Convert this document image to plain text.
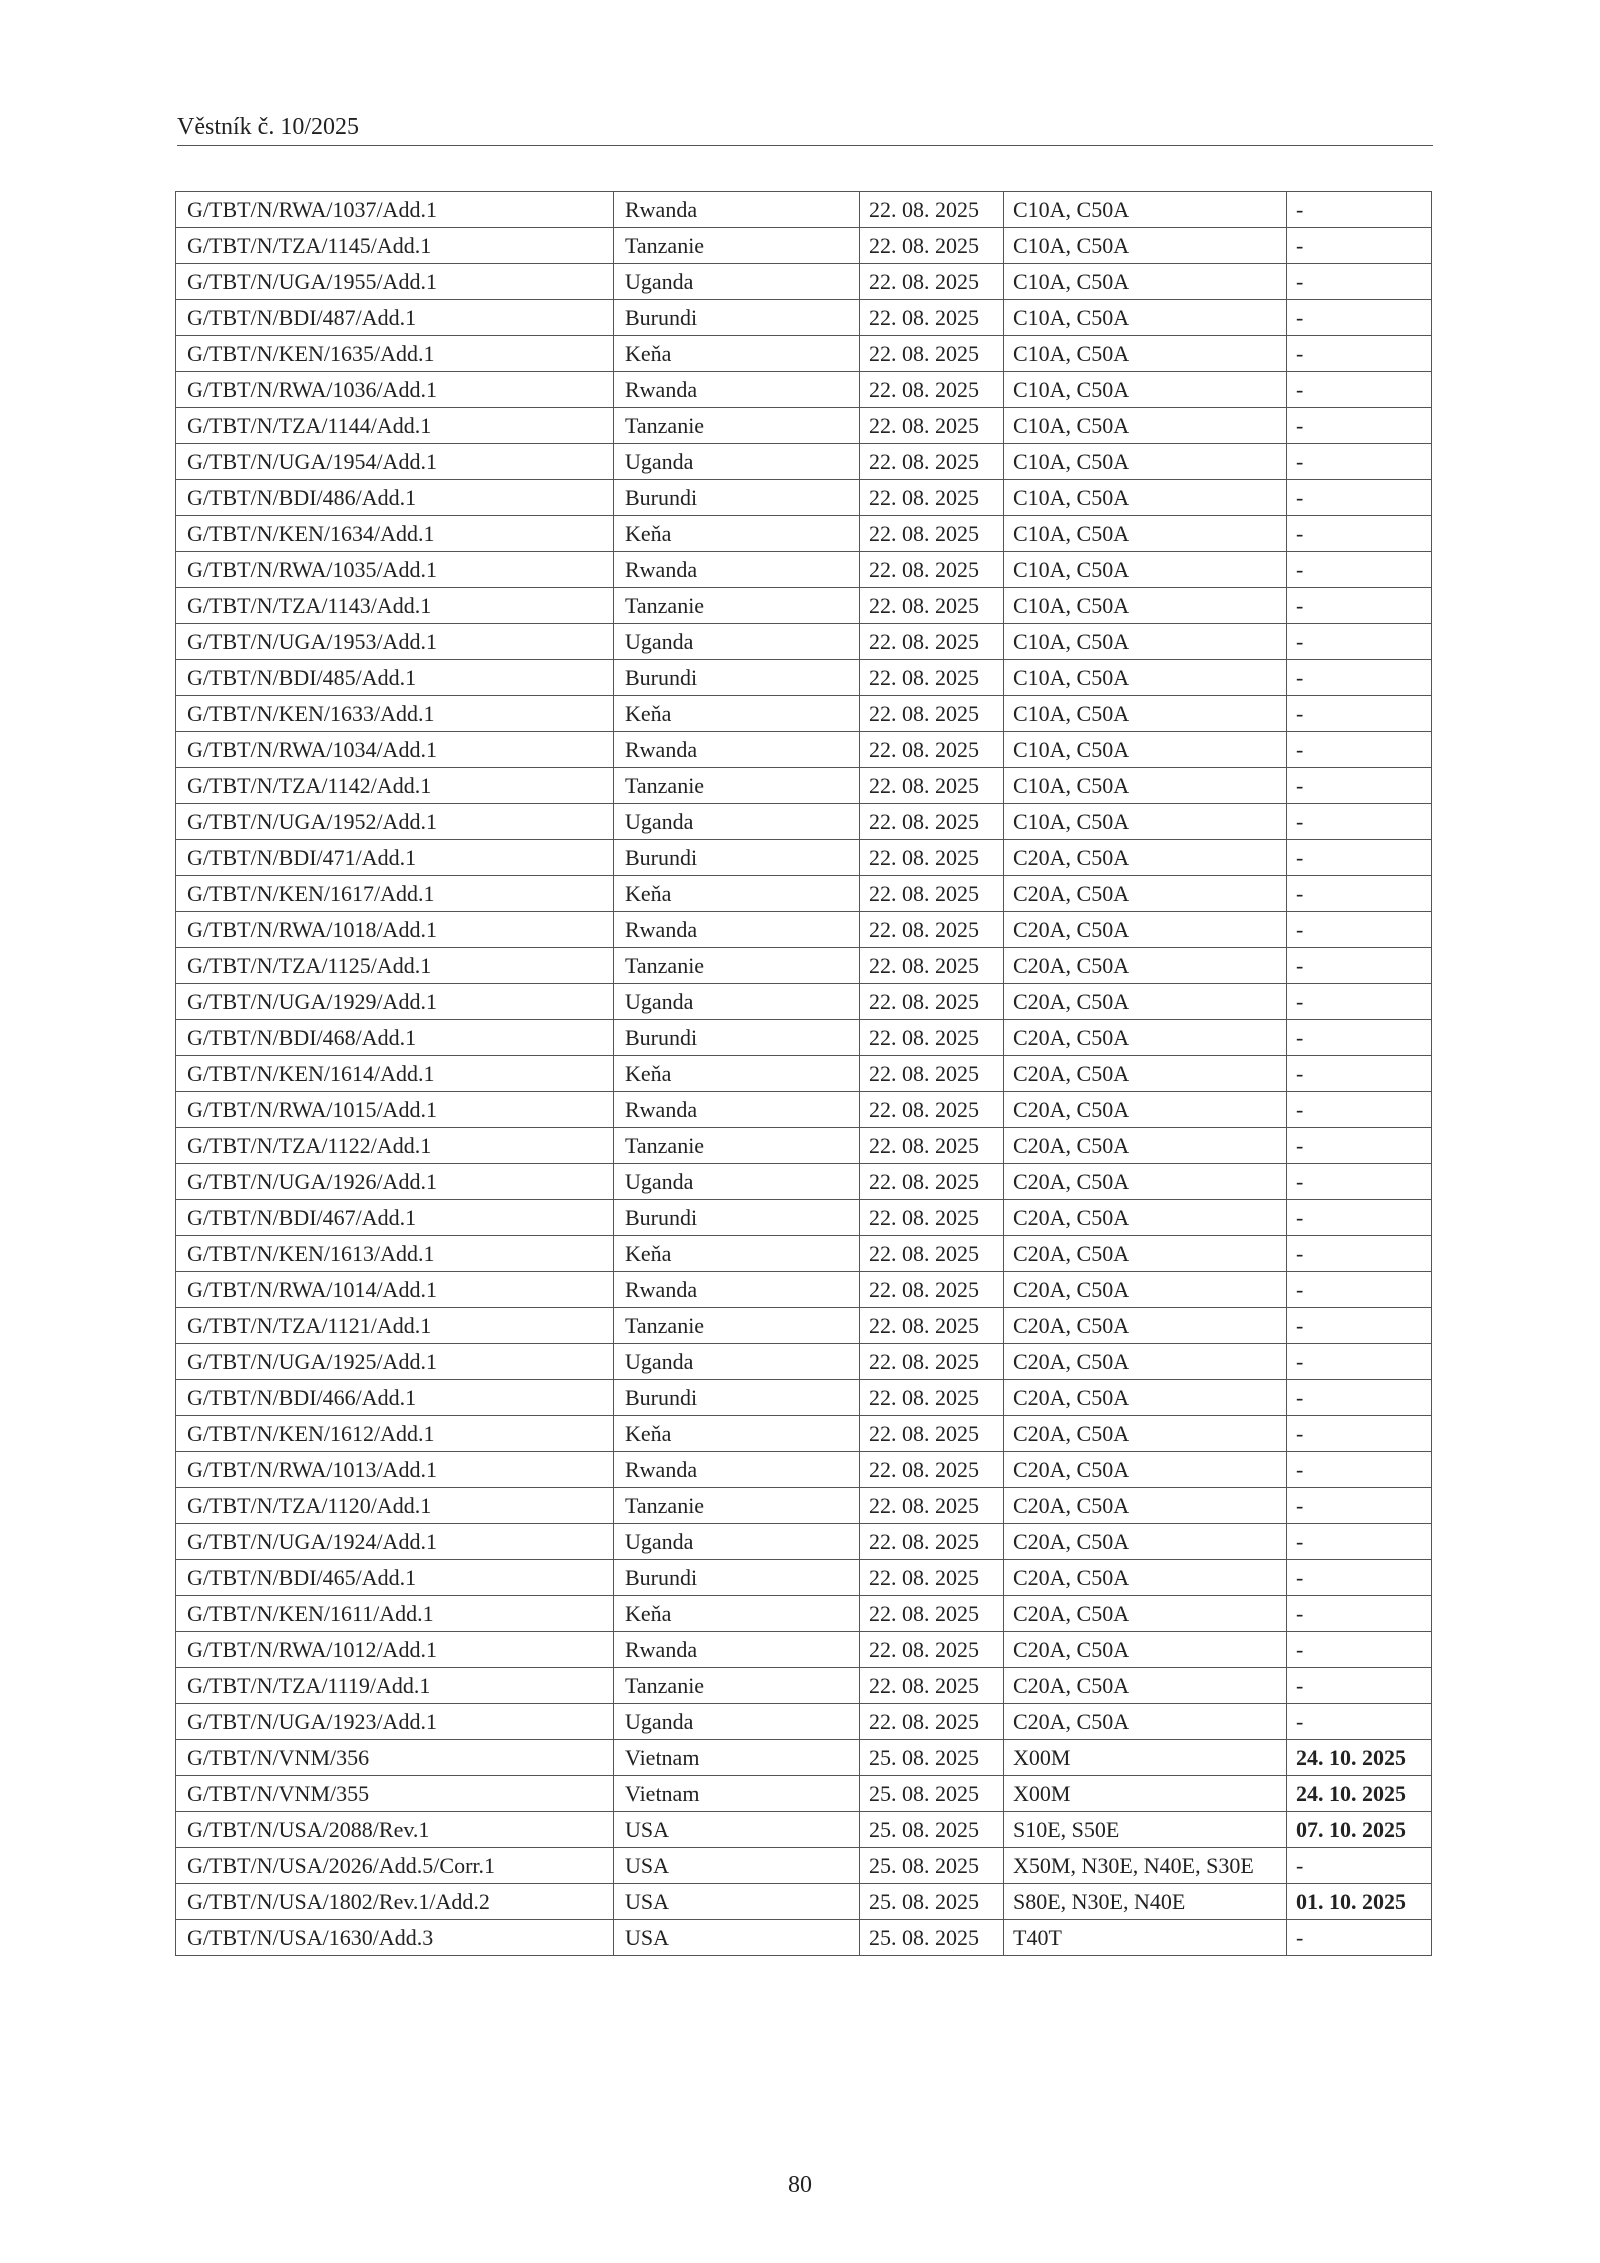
Věstník č. 10/2025
G/TBT/N/RWA/1037/Add.1	Rwanda	22. 08. 2025	C10A, C50A	-
G/TBT/N/TZA/1145/Add.1	Tanzanie	22. 08. 2025	C10A, C50A	-
G/TBT/N/UGA/1955/Add.1	Uganda	22. 08. 2025	C10A, C50A	-
G/TBT/N/BDI/487/Add.1	Burundi	22. 08. 2025	C10A, C50A	-
G/TBT/N/KEN/1635/Add.1	Keňa	22. 08. 2025	C10A, C50A	-
G/TBT/N/RWA/1036/Add.1	Rwanda	22. 08. 2025	C10A, C50A	-
G/TBT/N/TZA/1144/Add.1	Tanzanie	22. 08. 2025	C10A, C50A	-
G/TBT/N/UGA/1954/Add.1	Uganda	22. 08. 2025	C10A, C50A	-
G/TBT/N/BDI/486/Add.1	Burundi	22. 08. 2025	C10A, C50A	-
G/TBT/N/KEN/1634/Add.1	Keňa	22. 08. 2025	C10A, C50A	-
G/TBT/N/RWA/1035/Add.1	Rwanda	22. 08. 2025	C10A, C50A	-
G/TBT/N/TZA/1143/Add.1	Tanzanie	22. 08. 2025	C10A, C50A	-
G/TBT/N/UGA/1953/Add.1	Uganda	22. 08. 2025	C10A, C50A	-
G/TBT/N/BDI/485/Add.1	Burundi	22. 08. 2025	C10A, C50A	-
G/TBT/N/KEN/1633/Add.1	Keňa	22. 08. 2025	C10A, C50A	-
G/TBT/N/RWA/1034/Add.1	Rwanda	22. 08. 2025	C10A, C50A	-
G/TBT/N/TZA/1142/Add.1	Tanzanie	22. 08. 2025	C10A, C50A	-
G/TBT/N/UGA/1952/Add.1	Uganda	22. 08. 2025	C10A, C50A	-
G/TBT/N/BDI/471/Add.1	Burundi	22. 08. 2025	C20A, C50A	-
G/TBT/N/KEN/1617/Add.1	Keňa	22. 08. 2025	C20A, C50A	-
G/TBT/N/RWA/1018/Add.1	Rwanda	22. 08. 2025	C20A, C50A	-
G/TBT/N/TZA/1125/Add.1	Tanzanie	22. 08. 2025	C20A, C50A	-
G/TBT/N/UGA/1929/Add.1	Uganda	22. 08. 2025	C20A, C50A	-
G/TBT/N/BDI/468/Add.1	Burundi	22. 08. 2025	C20A, C50A	-
G/TBT/N/KEN/1614/Add.1	Keňa	22. 08. 2025	C20A, C50A	-
G/TBT/N/RWA/1015/Add.1	Rwanda	22. 08. 2025	C20A, C50A	-
G/TBT/N/TZA/1122/Add.1	Tanzanie	22. 08. 2025	C20A, C50A	-
G/TBT/N/UGA/1926/Add.1	Uganda	22. 08. 2025	C20A, C50A	-
G/TBT/N/BDI/467/Add.1	Burundi	22. 08. 2025	C20A, C50A	-
G/TBT/N/KEN/1613/Add.1	Keňa	22. 08. 2025	C20A, C50A	-
G/TBT/N/RWA/1014/Add.1	Rwanda	22. 08. 2025	C20A, C50A	-
G/TBT/N/TZA/1121/Add.1	Tanzanie	22. 08. 2025	C20A, C50A	-
G/TBT/N/UGA/1925/Add.1	Uganda	22. 08. 2025	C20A, C50A	-
G/TBT/N/BDI/466/Add.1	Burundi	22. 08. 2025	C20A, C50A	-
G/TBT/N/KEN/1612/Add.1	Keňa	22. 08. 2025	C20A, C50A	-
G/TBT/N/RWA/1013/Add.1	Rwanda	22. 08. 2025	C20A, C50A	-
G/TBT/N/TZA/1120/Add.1	Tanzanie	22. 08. 2025	C20A, C50A	-
G/TBT/N/UGA/1924/Add.1	Uganda	22. 08. 2025	C20A, C50A	-
G/TBT/N/BDI/465/Add.1	Burundi	22. 08. 2025	C20A, C50A	-
G/TBT/N/KEN/1611/Add.1	Keňa	22. 08. 2025	C20A, C50A	-
G/TBT/N/RWA/1012/Add.1	Rwanda	22. 08. 2025	C20A, C50A	-
G/TBT/N/TZA/1119/Add.1	Tanzanie	22. 08. 2025	C20A, C50A	-
G/TBT/N/UGA/1923/Add.1	Uganda	22. 08. 2025	C20A, C50A	-
G/TBT/N/VNM/356	Vietnam	25. 08. 2025	X00M	24. 10. 2025
G/TBT/N/VNM/355	Vietnam	25. 08. 2025	X00M	24. 10. 2025
G/TBT/N/USA/2088/Rev.1	USA	25. 08. 2025	S10E, S50E	07. 10. 2025
G/TBT/N/USA/2026/Add.5/Corr.1	USA	25. 08. 2025	X50M, N30E, N40E, S30E	-
G/TBT/N/USA/1802/Rev.1/Add.2	USA	25. 08. 2025	S80E, N30E, N40E	01. 10. 2025
G/TBT/N/USA/1630/Add.3	USA	25. 08. 2025	T40T	-
80
